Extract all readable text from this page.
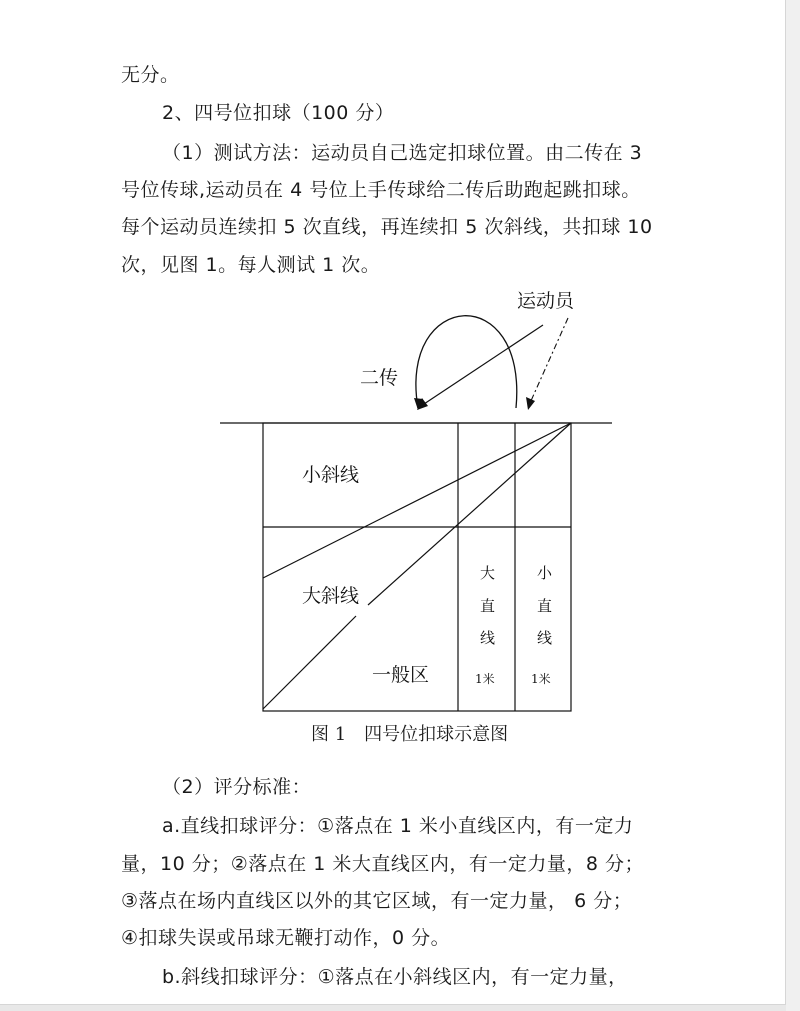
无分。
2、四号位扣球（100 分）
（1）测试方法：运动员自己选定扣球位置。由二传在 3
号位传球,运动员在 4 号位上手传球给二传后助跑起跳扣球。
每个运动员连续扣 5 次直线，再连续扣 5 次斜线，共扣球 10
次，见图 1。每人测试 1 次。
运动员
二传
小斜线
大斜线
一般区
大
直
线
1米
小
直
线
1米
图 1　四号位扣球示意图
（2）评分标准：
a.直线扣球评分：①落点在 1 米小直线区内，有一定力
量，10 分；②落点在 1 米大直线区内，有一定力量，8 分；
③落点在场内直线区以外的其它区域，有一定力量， 6 分；
④扣球失误或吊球无鞭打动作，0 分。
b.斜线扣球评分：①落点在小斜线区内，有一定力量，
